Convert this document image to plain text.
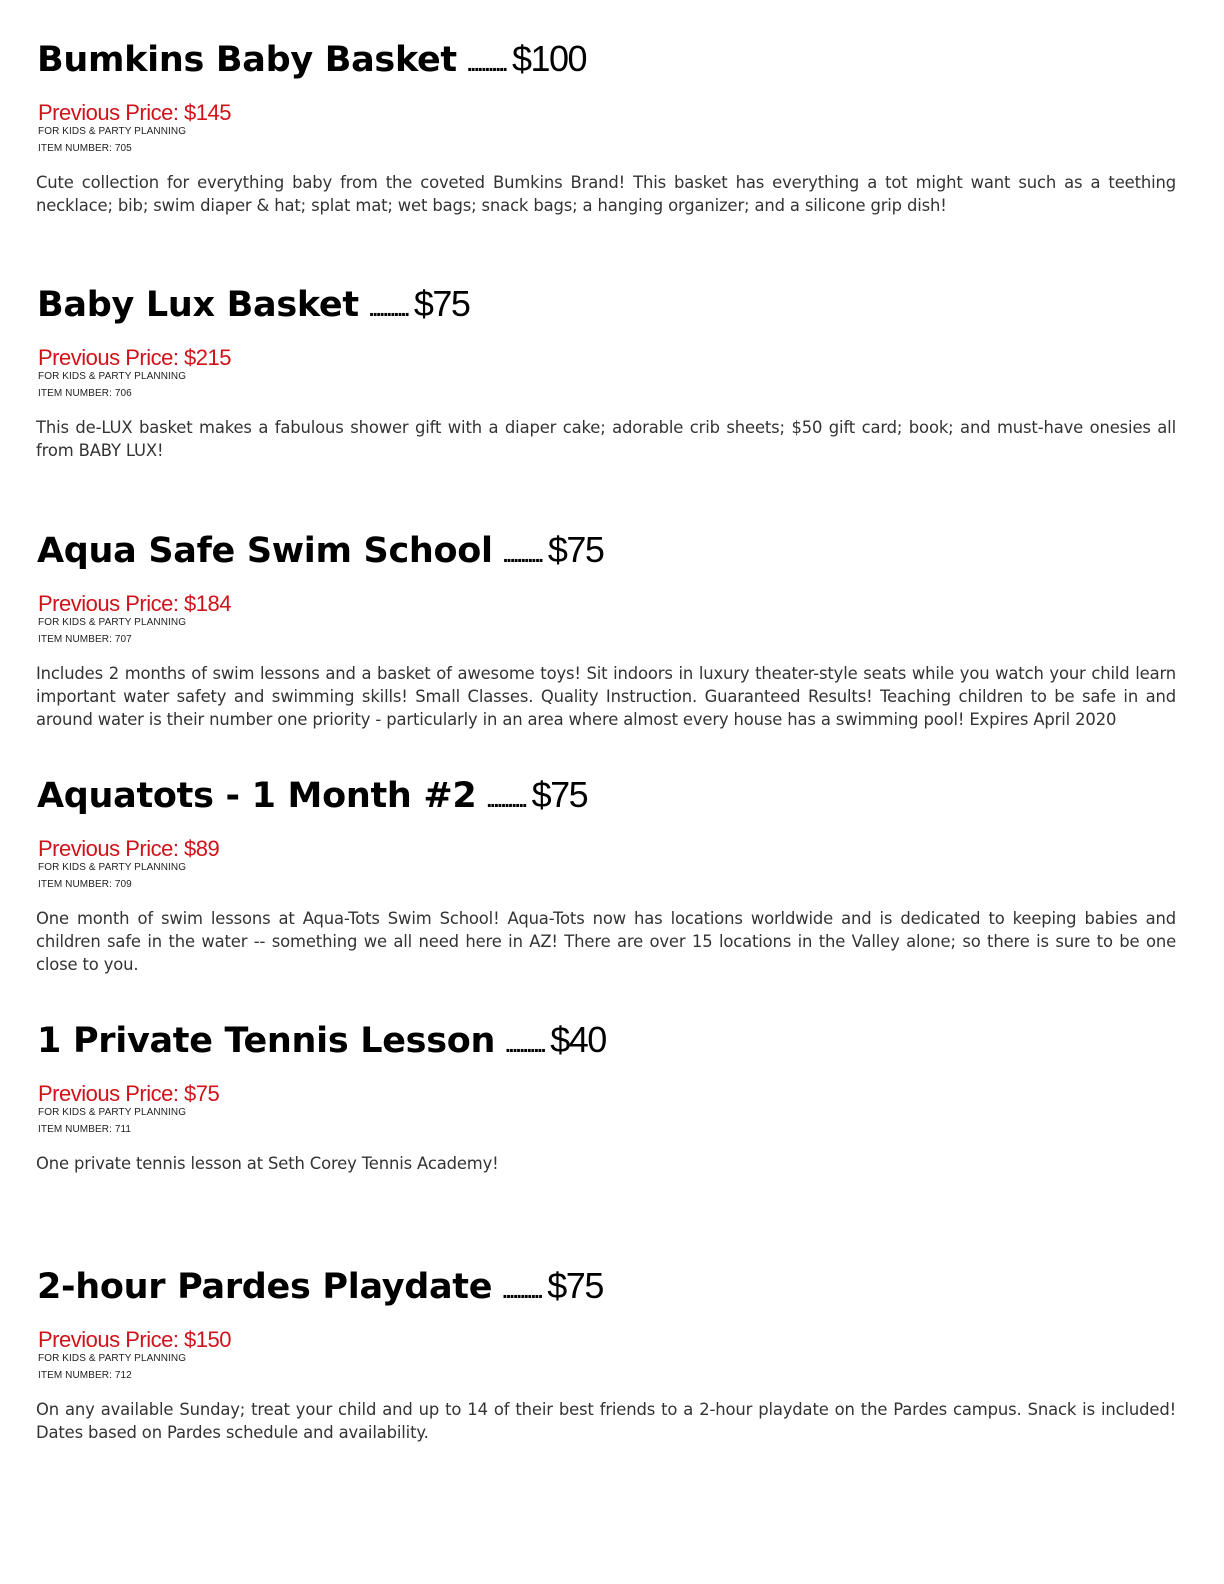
Bumkins Baby Basket ........... $100
Previous Price: $145
FOR KIDS & PARTY PLANNING
ITEM NUMBER: 705
Cute collection for everything baby from the coveted Bumkins Brand! This basket has everything a tot might want such as a teething necklace; bib; swim diaper & hat; splat mat; wet bags; snack bags; a hanging organizer; and a silicone grip dish!
Baby Lux Basket ........... $75
Previous Price: $215
FOR KIDS & PARTY PLANNING
ITEM NUMBER: 706
This de-LUX basket makes a fabulous shower gift with a diaper cake; adorable crib sheets; $50 gift card; book; and must-have onesies all from BABY LUX!
Aqua Safe Swim School ........... $75
Previous Price: $184
FOR KIDS & PARTY PLANNING
ITEM NUMBER: 707
Includes 2 months of swim lessons and a basket of awesome toys! Sit indoors in luxury theater-style seats while you watch your child learn important water safety and swimming skills! Small Classes. Quality Instruction. Guaranteed Results! Teaching children to be safe in and around water is their number one priority - particularly in an area where almost every house has a swimming pool! Expires April 2020
Aquatots - 1 Month #2 ........... $75
Previous Price: $89
FOR KIDS & PARTY PLANNING
ITEM NUMBER: 709
One month of swim lessons at Aqua-Tots Swim School! Aqua-Tots now has locations worldwide and is dedicated to keeping babies and children safe in the water -- something we all need here in AZ! There are over 15 locations in the Valley alone; so there is sure to be one close to you.
1 Private Tennis Lesson ........... $40
Previous Price: $75
FOR KIDS & PARTY PLANNING
ITEM NUMBER: 711
One private tennis lesson at Seth Corey Tennis Academy!
2-hour Pardes Playdate ........... $75
Previous Price: $150
FOR KIDS & PARTY PLANNING
ITEM NUMBER: 712
On any available Sunday; treat your child and up to 14 of their best friends to a 2-hour playdate on the Pardes campus. Snack is included! Dates based on Pardes schedule and availability.
